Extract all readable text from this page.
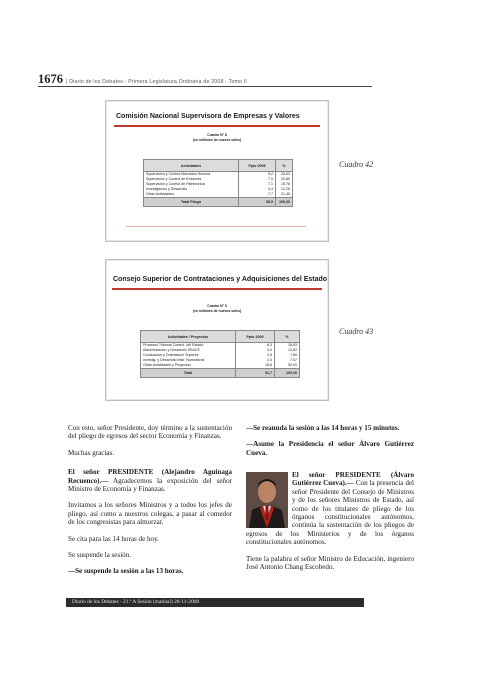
1676 | Diario de los Debates - Primera Legislatura Ordinaria de 2008 - Tomo II
Comisión Nacional Supervisora de Empresas y Valores
Cuadro N° 8
(en millones de nuevos soles)
Actividades	Ppto 2009	%
Supervisión y Control Mercados Secund.	9,2	25,63
Supervisión y Control de Emisores	7,5	20,89
Supervisión y Control de Patrimonios	7,1	19,78
Investigación y Desarrollo	4,4	12,26
Otras Actividades	7,7	21,45
Total Pliego	35,9	100,00
Cuadro 42
Consejo Superior de Contrataciones y Adquisiciones del Estado
Cuadro N° 9
(en millones de nuevos soles)
Actividades / Proyectos	Ppto 2009	%
Procesos Tribunal Control. del Estado	6,0	18,93
Administración y Desarrollo SEACE	4,0	12,62
Conducción y Orientación Superior	2,5	7,89
Investig. y Desarrollo Instr. Normativos	2,4	7,57
Otras Actividades y Proyectos	16,8	53,00
Total	31,7	100,00
Cuadro 43

Con esto, señor Presidente, doy término a la sustentación del pliego de egresos del sector Economía y Finanzas.

Muchas gracias.

El señor PRESIDENTE (Alejandro Aguinaga Recuenco).— Agradecemos la exposición del señor Ministro de Economía y Finanzas.

Invitamos a los señores Ministros y a todos los jefes de pliego, así como a nuestros colegas, a pasar al comedor de los congresistas para almorzar.

Se cita para las 14 horas de hoy.

Se suspende la sesión.

—Se suspende la sesión a las 13 horas.

—Se reanuda la sesión a las 14 horas y 15 minutos.

—Asume la Presidencia el señor Álvaro Gutiérrez Cueva.

El señor PRESIDENTE (Álvaro Gutiérrez Cueva).— Con la presencia del señor Presidente del Consejo de Ministros y de los señores Ministros de Estado, así como de los titulares de pliego de los órganos constitucionales autónomos, continúa la sustentación de los pliegos de egresos de los Ministerios y de los órganos constitucionales autónomos.

Tiene la palabra el señor Ministro de Educación, ingeniero José Antonio Chang Escobedo.

Diario de los Debates - 21.ª A Sesión (matinal) 26-11-2008
